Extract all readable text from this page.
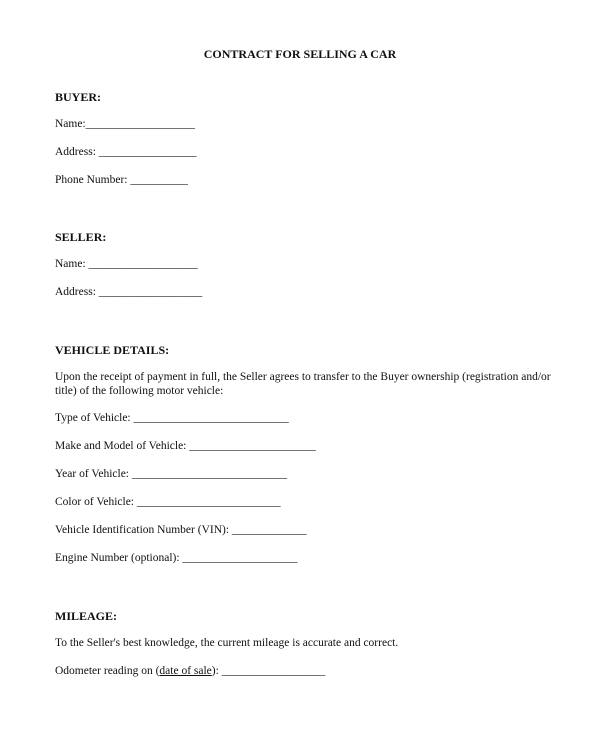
CONTRACT FOR SELLING A CAR
BUYER:
Name:___________________
Address: _________________
Phone Number: __________
SELLER:
Name: ___________________
Address: __________________
VEHICLE DETAILS:
Upon the receipt of payment in full, the Seller agrees to transfer to the Buyer ownership (registration and/or title) of the following motor vehicle:
Type of Vehicle: ___________________________
Make and Model of Vehicle: ______________________
Year of Vehicle: ___________________________
Color of Vehicle: _________________________
Vehicle Identification Number (VIN): _____________
Engine Number (optional): ____________________
MILEAGE:
To the Seller's best knowledge, the current mileage is accurate and correct.
Odometer reading on (date of sale): __________________
